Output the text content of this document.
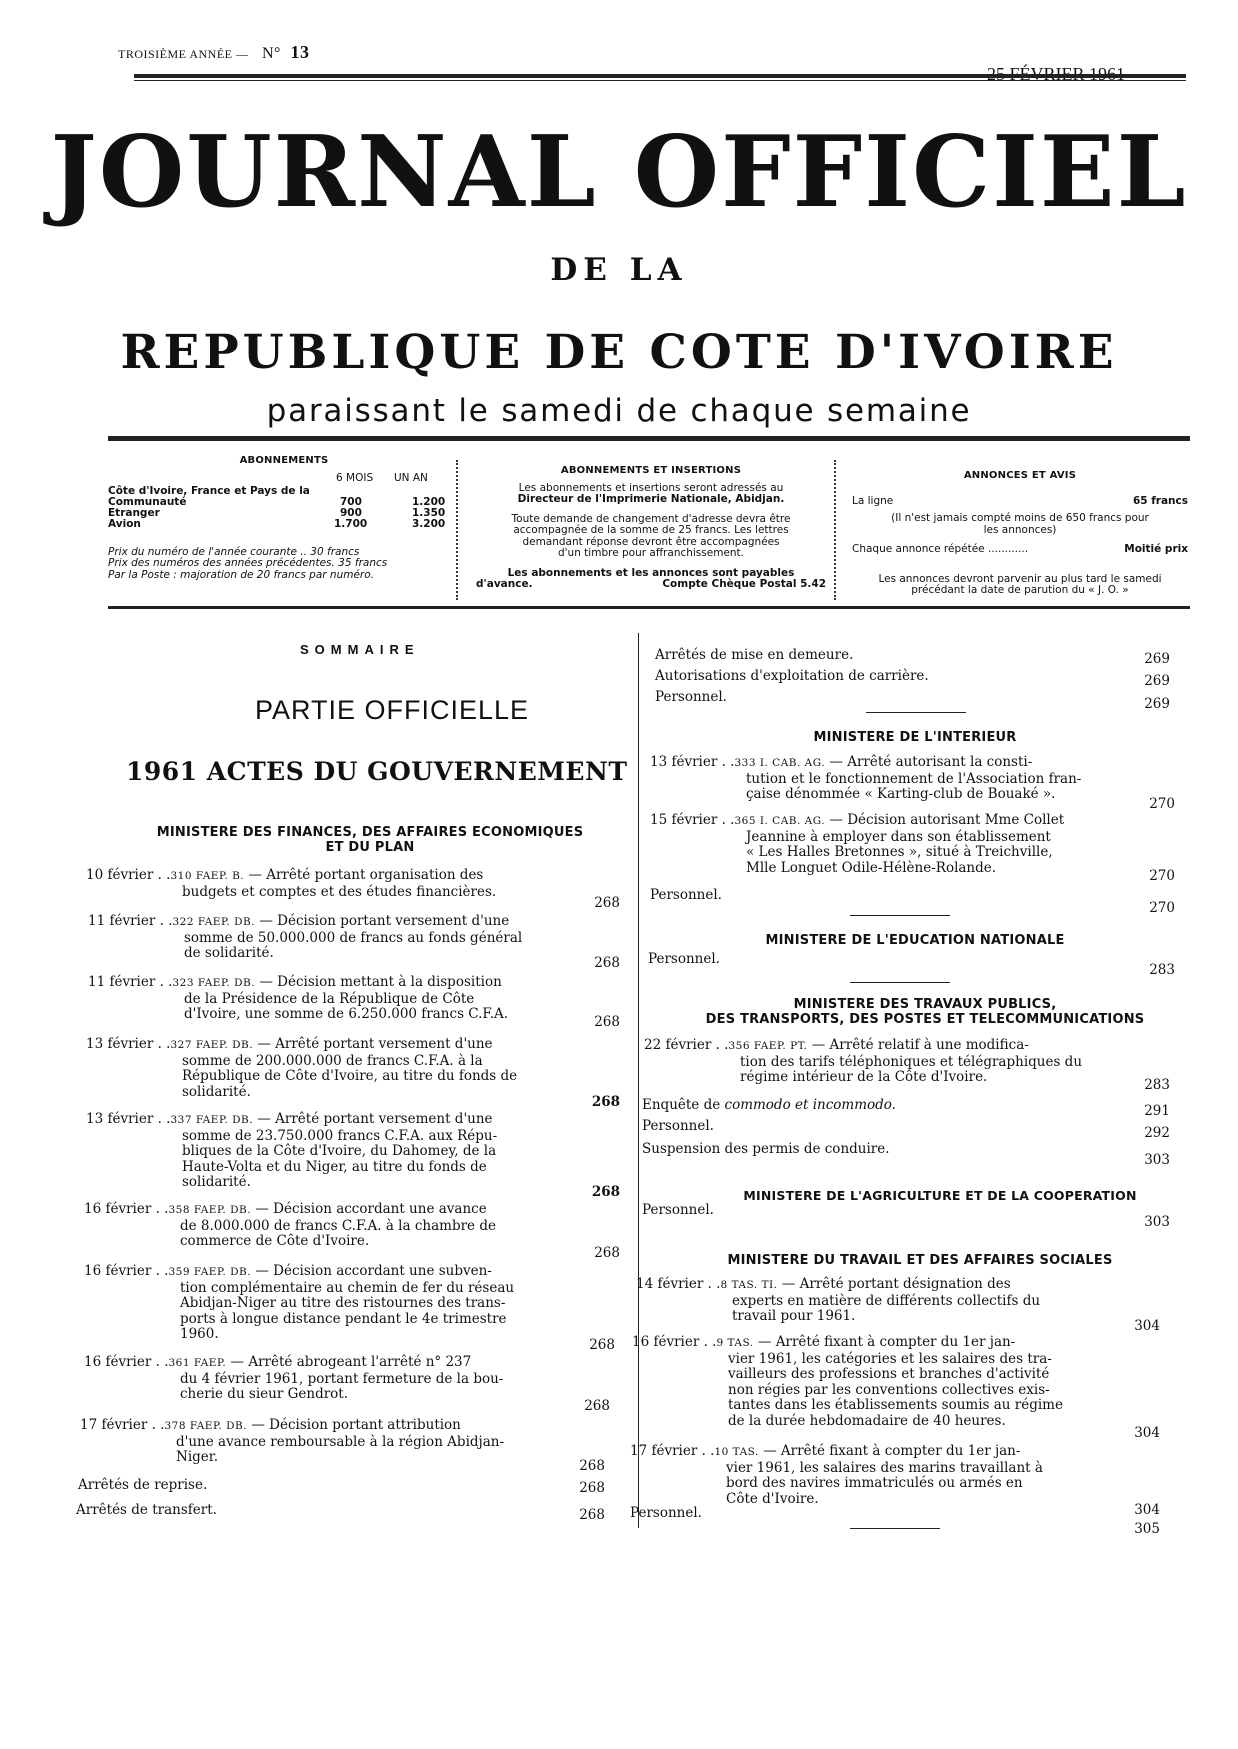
TROISIÈME ANNÉE — N° 13
JOURNAL OFFICIEL
DE LA
REPUBLIQUE DE COTE D'IVOIRE
paraissant le samedi de chaque semaine
ABONNEMENTS
6 MOIS UN AN
Côte d'Ivoire, France et Pays de la Communauté	700	1.200
Etranger	900	1.350
Avion	1.700	3.200
Prix du numéro de l'année courante .. 30 francs
Prix des numéros des années précédentes. 35 francs
Par la Poste : majoration de 20 francs par numéro.
ABONNEMENTS ET INSERTIONS
Les abonnements et insertions seront adressés au
Directeur de l'Imprimerie Nationale, Abidjan.
Toute demande de changement d'adresse devra être
accompagnée de la somme de 25 francs. Les lettres
demandant réponse devront être accompagnées
d'un timbre pour affranchissement.
Les abonnements et les annonces sont payables
d'avance.	Compte Chèque Postal 5.42
ANNONCES ET AVIS
La ligne	65 francs
(Il n'est jamais compté moins de 650 francs pour
les annonces)
Chaque annonce répétée ............	Moitié prix
Les annonces devront parvenir au plus tard le samedi
précédant la date de parution du « J. O. »
SOMMAIRE
PARTIE OFFICIELLE
1961 ACTES DU GOUVERNEMENT
MINISTERE DES FINANCES, DES AFFAIRES ECONOMIQUES
ET DU PLAN
10 février . .310 FAEP. B. — Arrêté portant organisation des
budgets et comptes et des études financières.
268
11 février . .322 FAEP. DB. — Décision portant versement d'une
somme de 50.000.000 de francs au fonds général
de solidarité.
268
11 février . .323 FAEP. DB. — Décision mettant à la disposition
de la Présidence de la République de Côte
d'Ivoire, une somme de 6.250.000 francs C.F.A.	268
13 février . .327 FAEP. DB. — Arrêté portant versement d'une
somme de 200.000.000 de francs C.F.A. à la
République de Côte d'Ivoire, au titre du fonds de
solidarité.
268
13 février . .337 FAEP. DB. — Arrêté portant versement d'une
somme de 23.750.000 francs C.F.A. aux Répu-
bliques de la Côte d'Ivoire, du Dahomey, de la
Haute-Volta et du Niger, au titre du fonds de
solidarité.
268
16 février . .358 FAEP. DB. — Décision accordant une avance
de 8.000.000 de francs C.F.A. à la chambre de
commerce de Côte d'Ivoire.
268
16 février . .359 FAEP. DB. — Décision accordant une subven-
tion complémentaire au chemin de fer du réseau
Abidjan-Niger au titre des ristournes des trans-
ports à longue distance pendant le 4e trimestre
1960.
268
16 février . .361 FAEP. — Arrêté abrogeant l'arrêté n° 237
du 4 février 1961, portant fermeture de la bou-
cherie du sieur Gendrot.
268
17 février . .378 FAEP. DB. — Décision portant attribution
d'une avance remboursable à la région Abidjan-
Niger.
268
Arrêtés de reprise.	268
Arrêtés de transfert.	268
Arrêtés de mise en demeure.	269
Autorisations d'exploitation de carrière.	269
Personnel.	269
MINISTERE DE L'INTERIEUR
13 février . .333 I. CAB. AG. — Arrêté autorisant la consti-
tution et le fonctionnement de l'Association fran-
çaise dénommée « Karting-club de Bouaké ».
270
15 février . .365 I. CAB. AG. — Décision autorisant Mme Collet
Jeannine à employer dans son établissement
« Les Halles Bretonnes », situé à Treichville,
Mlle Longuet Odile-Hélène-Rolande.
270
Personnel.
270
MINISTERE DE L'EDUCATION NATIONALE
Personnel.
283
MINISTERE DES TRAVAUX PUBLICS,
DES TRANSPORTS, DES POSTES ET TELECOMMUNICATIONS
22 février . .356 FAEP. PT. — Arrêté relatif à une modifica-
tion des tarifs téléphoniques et télégraphiques du
régime intérieur de la Côte d'Ivoire.	283
Enquête de commodo et incommodo.	291
Personnel.	292
Suspension des permis de conduire.
303
MINISTERE DE L'AGRICULTURE ET DE LA COOPERATION
Personnel.
303
MINISTERE DU TRAVAIL ET DES AFFAIRES SOCIALES
14 février . .8 TAS. TI. — Arrêté portant désignation des
experts en matière de différents collectifs du
travail pour 1961.
304
16 février . .9 TAS. — Arrêté fixant à compter du 1er jan-
vier 1961, les catégories et les salaires des tra-
vailleurs des professions et branches d'activité
non régies par les conventions collectives exis-
tantes dans les établissements soumis au régime
de la durée hebdomadaire de 40 heures.
304
17 février . .10 TAS. — Arrêté fixant à compter du 1er jan-
vier 1961, les salaires des marins travaillant à
bord des navires immatriculés ou armés en
Côte d'Ivoire.
304
Personnel.
305
